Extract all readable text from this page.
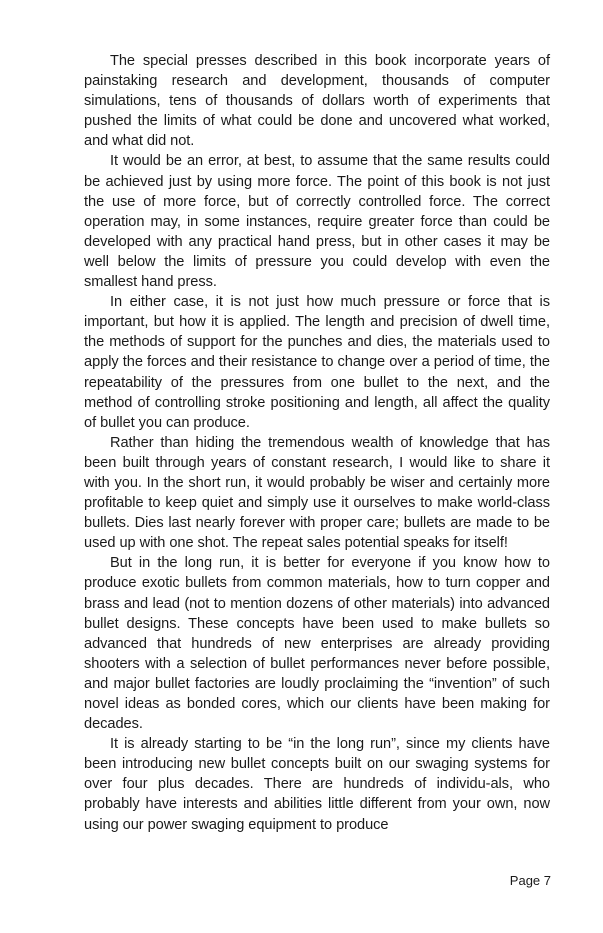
The special presses described in this book incorporate years of painstaking research and development, thousands of computer simulations, tens of thousands of dollars worth of experiments that pushed the limits of what could be done and uncovered what worked, and what did not.

It would be an error, at best, to assume that the same results could be achieved just by using more force. The point of this book is not just the use of more force, but of correctly controlled force. The correct operation may, in some instances, require greater force than could be developed with any practical hand press, but in other cases it may be well below the limits of pressure you could develop with even the smallest hand press.

In either case, it is not just how much pressure or force that is important, but how it is applied. The length and precision of dwell time, the methods of support for the punches and dies, the materials used to apply the forces and their resistance to change over a period of time, the repeatability of the pressures from one bullet to the next, and the method of controlling stroke positioning and length, all affect the quality of bullet you can produce.

Rather than hiding the tremendous wealth of knowledge that has been built through years of constant research, I would like to share it with you. In the short run, it would probably be wiser and certainly more profitable to keep quiet and simply use it ourselves to make world-class bullets. Dies last nearly forever with proper care; bullets are made to be used up with one shot. The repeat sales potential speaks for itself!

But in the long run, it is better for everyone if you know how to produce exotic bullets from common materials, how to turn copper and brass and lead (not to mention dozens of other materials) into advanced bullet designs. These concepts have been used to make bullets so advanced that hundreds of new enterprises are already providing shooters with a selection of bullet performances never before possible, and major bullet factories are loudly proclaiming the “invention” of such novel ideas as bonded cores, which our clients have been making for decades.

It is already starting to be “in the long run”, since my clients have been introducing new bullet concepts built on our swaging systems for over four plus decades. There are hundreds of individu-als, who probably have interests and abilities little different from your own, now using our power swaging equipment to produce

Page 7
